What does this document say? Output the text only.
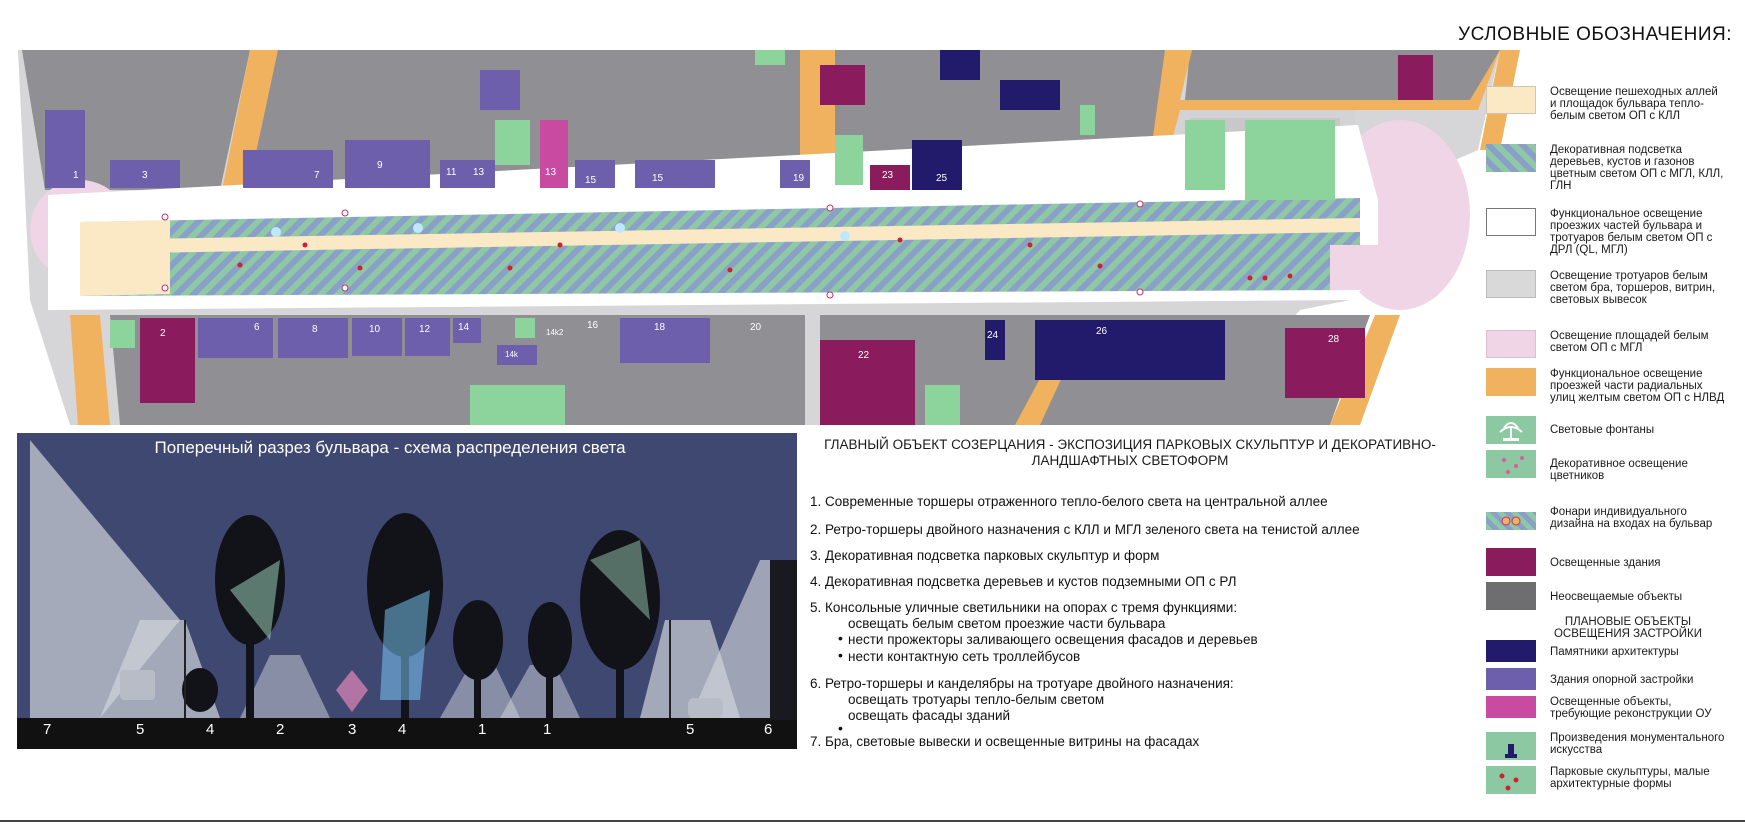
1	3	7
9
11 13	13
15	15	17k2	19	23	25
2
6	8	10	12	14	14k2
14k
16	18	20
22
24	26
28
УСЛОВНЫЕ ОБОЗНАЧЕНИЯ:
Освещение пешеходных аллей и площадок бульвара тепло-белым светом ОП с КЛЛ
Декоративная подсветка деревьев, кустов и газонов цветным светом ОП с МГЛ, КЛЛ, ГЛН
Функциональное освещение проезжих частей бульвара и тротуаров белым светом ОП с ДРЛ (QL, МГЛ)
Освещение тротуаров белым светом бра, торшеров, витрин, световых вывесок
Освещение площадей белым светом ОП с МГЛ
Функциональное освещение проезжей части радиальных улиц желтым светом ОП с НЛВД
Световые фонтаны
Декоративное освещение цветников
Фонари индивидуального дизайна на входах на бульвар
Освещенные здания
Неосвещаемые объекты
ПЛАНОВЫЕ ОБЪЕКТЫ ОСВЕЩЕНИЯ ЗАСТРОЙКИ
Памятники архитектуры
Здания опорной застройки
Освещенные объекты, требующие реконструкции ОУ
Произведения монументального искусства
Парковые скульптуры, малые архитектурные формы
Поперечный разрез бульвара - схема распределения света
7	5	4	2	3	4	1	1	5	6
ГЛАВНЫЙ ОБЪЕКТ СОЗЕРЦАНИЯ - ЭКСПОЗИЦИЯ ПАРКОВЫХ СКУЛЬПТУР И ДЕКОРАТИВНО-ЛАНДШАФТНЫХ СВЕТОФОРМ
1. Современные торшеры отраженного тепло-белого света на центральной аллее
2. Ретро-торшеры двойного назначения с КЛЛ и МГЛ зеленого света на тенистой аллее
3. Декоративная подсветка парковых скульптур и форм
4. Декоративная подсветка деревьев и кустов подземными ОП с РЛ
5. Консольные уличные светильники на опорах с тремя функциями:
освещать белым светом проезжие части бульвара
• нести прожекторы заливающего освещения фасадов и деревьев
• нести контактную сеть троллейбусов
6. Ретро-торшеры и канделябры на тротуаре двойного назначения:
освещать тротуары тепло-белым светом
освещать фасады зданий
•
7. Бра, световые вывески и освещенные витрины на фасадах
